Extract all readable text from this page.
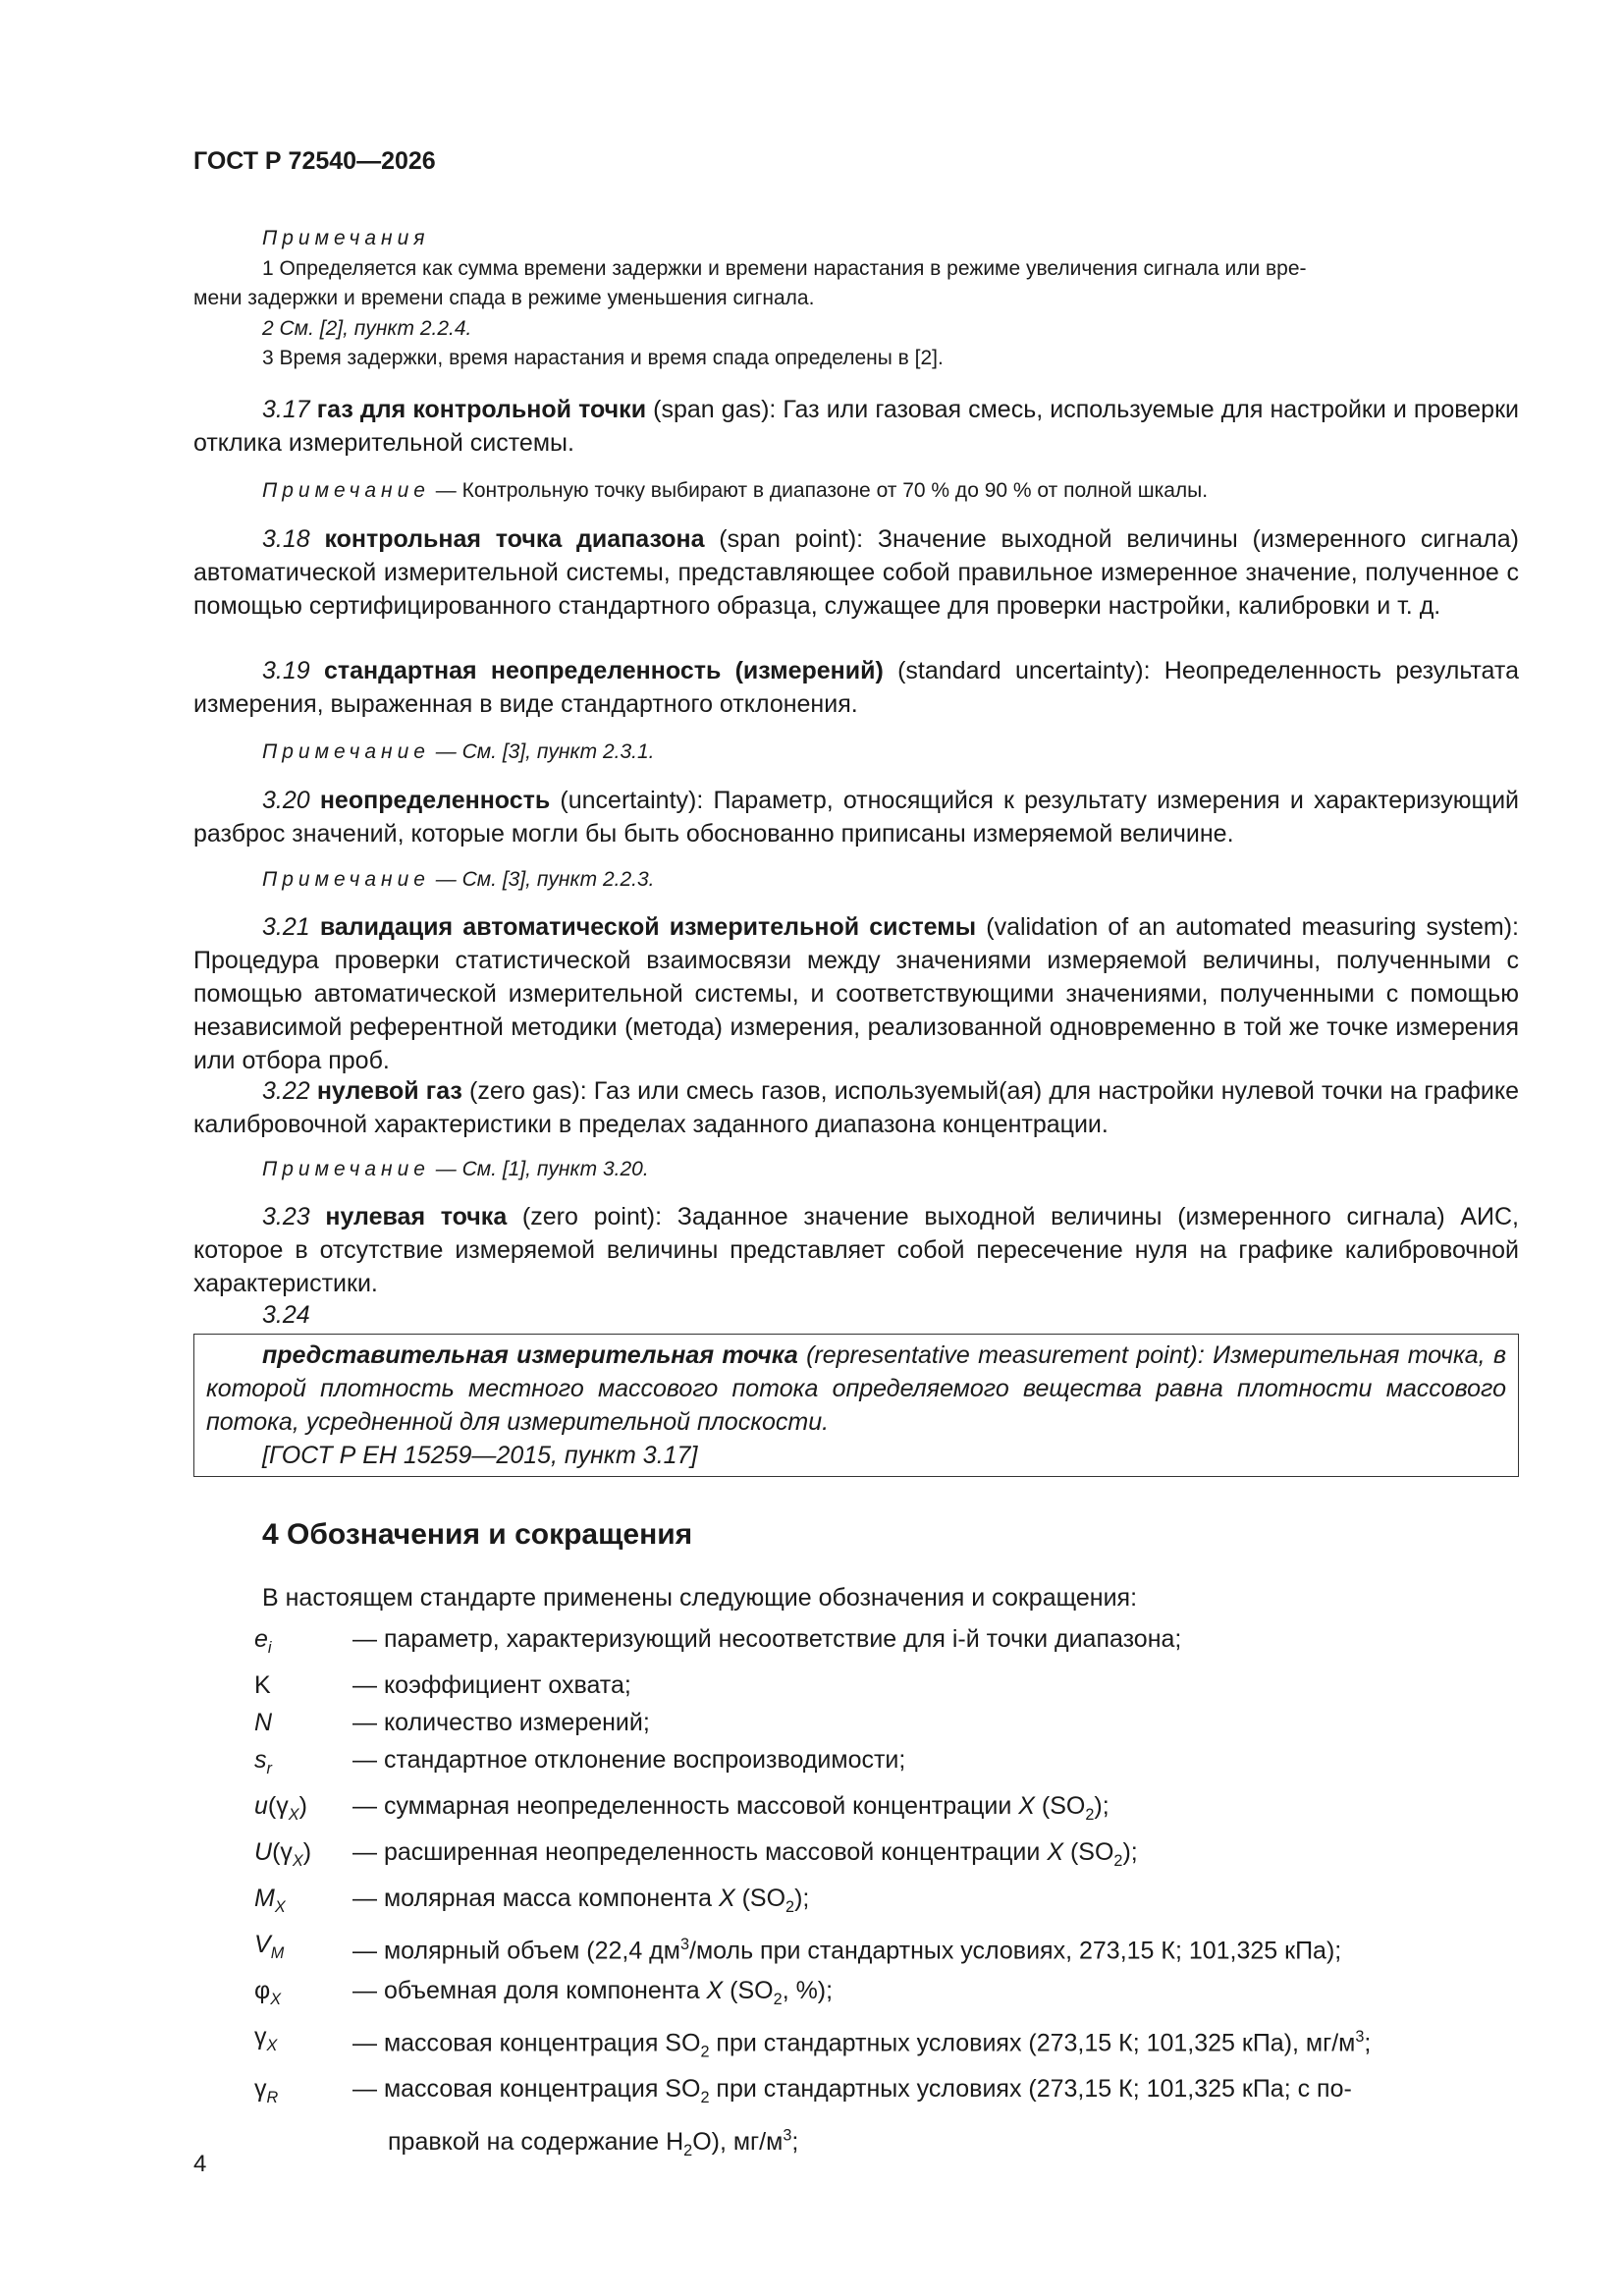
ГОСТ Р 72540—2026

Примечания

1 Определяется как сумма времени задержки и времени нарастания в режиме увеличения сигнала или вре-

мени задержки и времени спада в режиме уменьшения сигнала.

2 См. [2], пункт 2.2.4.

3 Время задержки, время нарастания и время спада определены в [2].

3.17 газ для контрольной точки (span gas): Газ или газовая смесь, используемые для настройки и проверки отклика измерительной системы.

Примечание — Контрольную точку выбирают в диапазоне от 70 % до 90 % от полной шкалы.

3.18 контрольная точка диапазона (span point): Значение выходной величины (измеренного сигнала) автоматической измерительной системы, представляющее собой правильное измеренное значение, полученное с помощью сертифицированного стандартного образца, служащее для проверки настройки, калибровки и т. д.

3.19 стандартная неопределенность (измерений) (standard uncertainty): Неопределенность результата измерения, выраженная в виде стандартного отклонения.

Примечание — См. [3], пункт 2.3.1.

3.20 неопределенность (uncertainty): Параметр, относящийся к результату измерения и характеризующий разброс значений, которые могли бы быть обоснованно приписаны измеряемой величине.

Примечание — См. [3], пункт 2.2.3.

3.21 валидация автоматической измерительной системы (validation of an automated measuring system): Процедура проверки статистической взаимосвязи между значениями измеряемой величины, полученными с помощью автоматической измерительной системы, и соответствующими значениями, полученными с помощью независимой референтной методики (метода) измерения, реализованной одновременно в той же точке измерения или отбора проб.

3.22 нулевой газ (zero gas): Газ или смесь газов, используемый(ая) для настройки нулевой точки на графике калибровочной характеристики в пределах заданного диапазона концентрации.

Примечание — См. [1], пункт 3.20.

3.23 нулевая точка (zero point): Заданное значение выходной величины (измеренного сигнала) АИС, которое в отсутствие измеряемой величины представляет собой пересечение нуля на графике калибровочной характеристики.

3.24

представительная измерительная точка (representative measurement point): Измерительная точка, в которой плотность местного массового потока определяемого вещества равна плотности массового потока, усредненной для измерительной плоскости.

[ГОСТ Р ЕН 15259—2015, пункт 3.17]

4 Обозначения и сокращения

В настоящем стандарте применены следующие обозначения и сокращения:

$e_i$	— параметр, характеризующий несоответствие для i-й точки диапазона;
K	— коэффициент охвата;
N	— количество измерений;
$s_r$	— стандартное отклонение воспроизводимости;
$u(\gamma_X)$	— суммарная неопределенность массовой концентрации X $(SO_2)$;
$U(\gamma_X)$	— расширенная неопределенность массовой концентрации X $(SO_2)$;
$M_X$	— молярная масса компонента X $(SO_2)$;
$V_M$	— молярный объем (22,4 $дм^3$/моль при стандартных условиях, 273,15 К; 101,325 кПа);
$\varphi_X$	— объемная доля компонента X ($SO_2$, %);
$\gamma_X$	— массовая концентрация $SO_2$ при стандартных условиях (273,15 К; 101,325 кПа), $мг/м^3$;
$\gamma_R$	— массовая концентрация $SO_2$ при стандартных условиях (273,15 К; 101,325 кПа; с по-
правкой на содержание $H_2O$), $мг/м^3$;
4
